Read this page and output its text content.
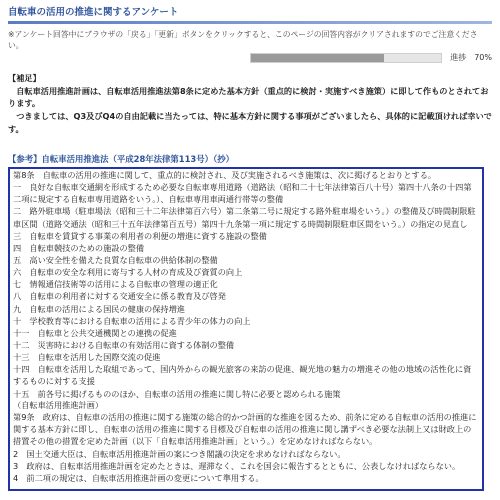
自転車の活用の推進に関するアンケート
※アンケート回答中にブラウザの「戻る」「更新」ボタンをクリックすると、このページの回答内容がクリアされますのでご注意ください。
進捗 70%
【補足】

自転車活用推進計画は、自転車活用推進法第8条に定めた基本方針（重点的に検討・実施すべき施策）に即して作ものとされております。

つきましては、Q3及びQ4の自由記載に当たっては、特に基本方針に関する事項がございましたら、具体的に記載頂ければ幸いです。

【参考】自転車活用推進法（平成28年法律第113号）（抄）

第8条　自転車の活用の推進に関して、重点的に検討され、及び実施されるべき施策は、次に掲げるとおりとする。

一　良好な自転車交通網を形成するため必要な自転車専用道路（道路法（昭和二十七年法律第百八十号）第四十八条の十四第二項に規定する自転車専用道路をいう。）、自転車専用車両通行帯等の整備

二　路外駐車場（駐車場法（昭和三十二年法律第百六号）第二条第二号に規定する路外駐車場をいう。）の整備及び時間制限駐車区間（道路交通法（昭和三十五年法律第百五号）第四十九条第一項に規定する時間制限駐車区間をいう。）の指定の見直し

三　自転車を賃貸する事業の利用者の利便の増進に資する施設の整備

四　自転車競技のための施設の整備

五　高い安全性を備えた良質な自転車の供給体制の整備

六　自転車の安全な利用に寄与する人材の育成及び資質の向上

七　情報通信技術等の活用による自転車の管理の適正化

八　自転車の利用者に対する交通安全に係る教育及び啓発

九　自転車の活用による国民の健康の保持増進

十　学校教育等における自転車の活用による青少年の体力の向上

十一　自転車と公共交通機関との連携の促進

十二　災害時における自転車の有効活用に資する体制の整備

十三　自転車を活用した国際交流の促進

十四　自転車を活用した取組であって、国内外からの観光旅客の来訪の促進、観光地の魅力の増進その他の地域の活性化に資するものに対する支援

十五　前各号に掲げるもののほか、自転車の活用の推進に関し特に必要と認められる施策

（自転車活用推進計画）

第9条　政府は、自転車の活用の推進に関する施策の総合的かつ計画的な推進を図るため、前条に定める自転車の活用の推進に関する基本方針に即し、自転車の活用の推進に関する目標及び自転車の活用の推進に関し講ずべき必要な法制上又は財政上の措置その他の措置を定めた計画（以下「自転車活用推進計画」という。）を定めなければならない。

2　国土交通大臣は、自転車活用推進計画の案につき閣議の決定を求めなければならない。

3　政府は、自転車活用推進計画を定めたときは、遅滞なく、これを国会に報告するとともに、公表しなければならない。

4　前二項の規定は、自転車活用推進計画の変更について準用する。
